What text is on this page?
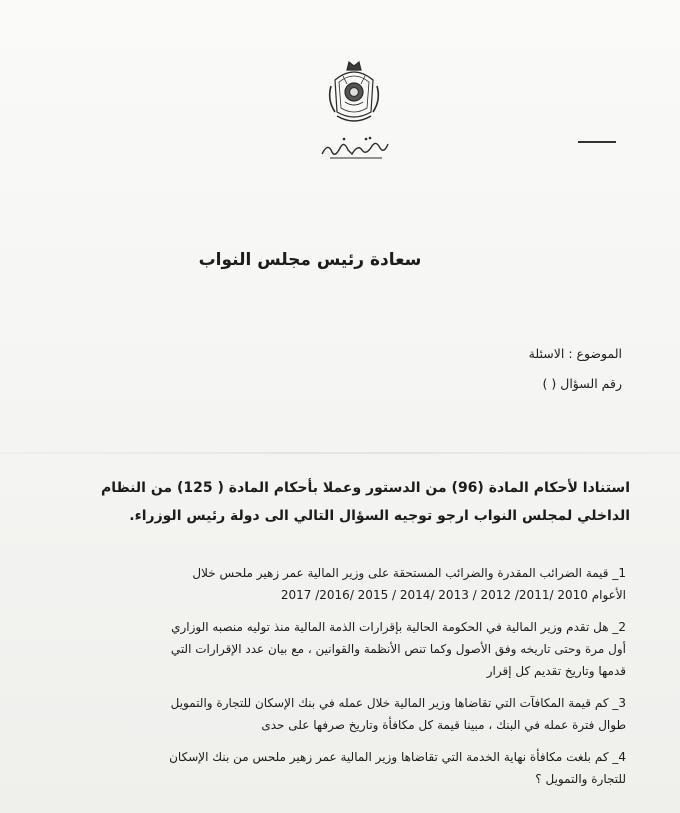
سعادة رئيس مجلس النواب
الموضوع : الاسئلة
رقم السؤال ( )
استنادا لأحكام المادة (96) من الدستور وعملا بأحكام المادة ( 125) من النظام
الداخلي لمجلس النواب ارجو توجيه السؤال التالي الى دولة رئيس الوزراء.

1_ قيمة الضرائب المقدرة والضرائب المستحقة على وزير المالية عمر زهير ملحس خلال

الأعوام 2010 /2011/ 2012 / 2013 /2014 / 2015 /2016/ 2017

2_ هل تقدم وزير المالية في الحكومة الحالية بإقرارات الذمة المالية منذ توليه منصبه الوزاري

أول مرة وحتى تاريخه وفق الأصول وكما تنص الأنظمة والقوانين ، مع بيان عدد الإقرارات التي

قدمها وتاريخ تقديم كل إقرار

3_ كم قيمة المكافآت التي تقاضاها وزير المالية خلال عمله في بنك الإسكان للتجارة والتمويل

طوال فترة عمله في البنك ، مبينا قيمة كل مكافأة وتاريخ صرفها على حدى

4_ كم بلغت مكافأة نهاية الخدمة التي تقاضاها وزير المالية عمر زهير ملحس من بنك الإسكان

للتجارة والتمويل ؟
